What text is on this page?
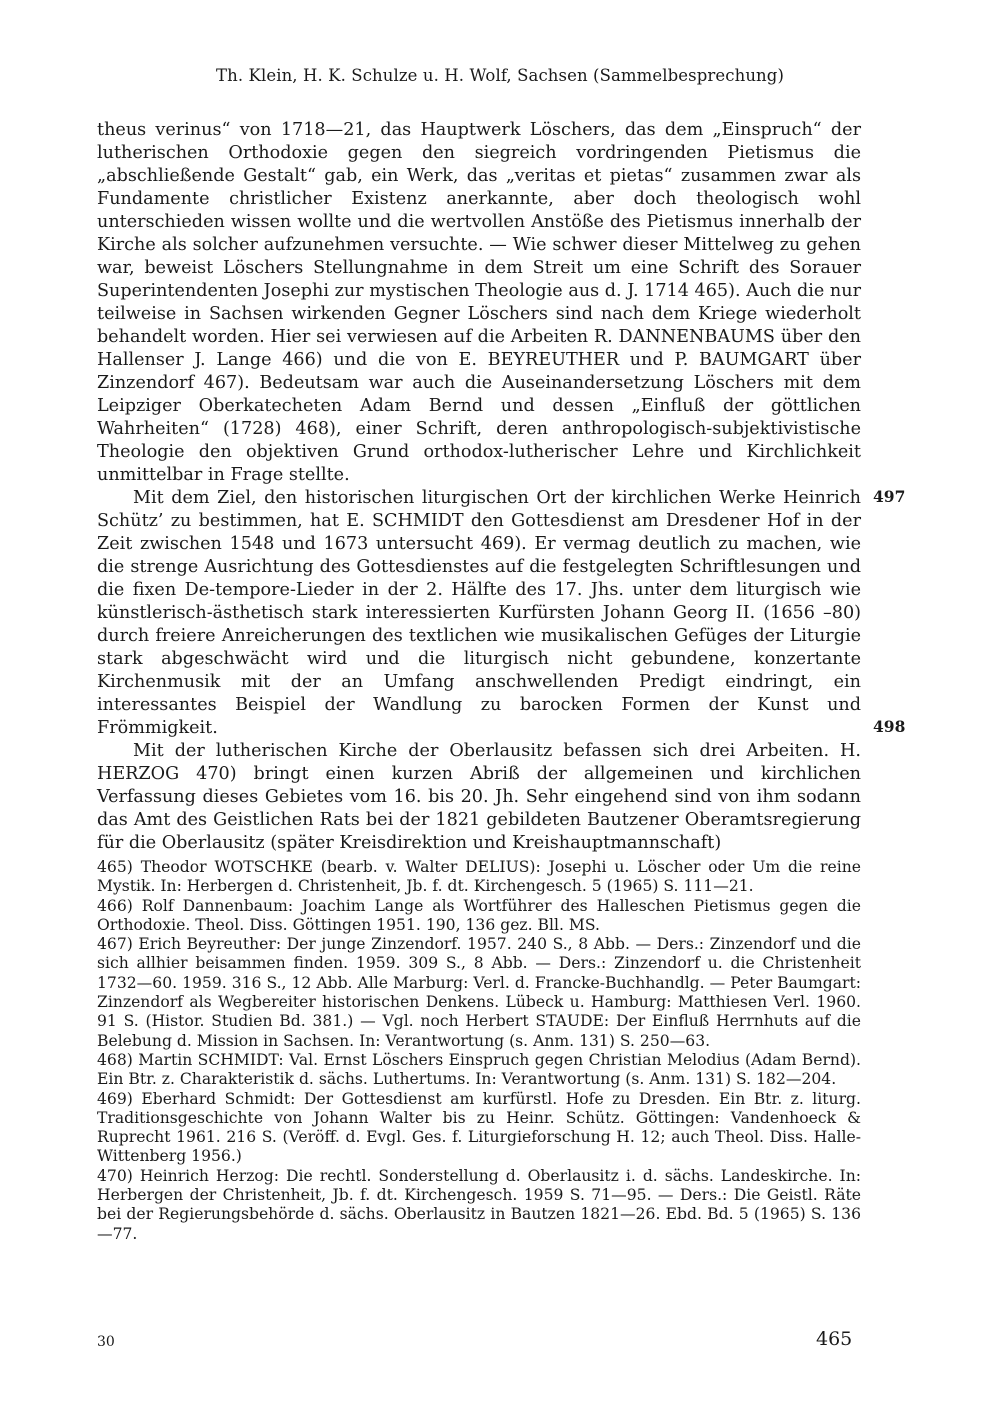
Th. Klein, H. K. Schulze u. H. Wolf, Sachsen (Sammelbesprechung)

theus verinus“ von 1718—21, das Hauptwerk Löschers, das dem „Einspruch“ der lutherischen Orthodoxie gegen den siegreich vordringenden Pietismus die „abschließende Gestalt“ gab, ein Werk, das „veritas et pietas“ zusammen zwar als Fundamente christlicher Existenz anerkannte, aber doch theologisch wohl unterschieden wissen wollte und die wertvollen Anstöße des Pietismus innerhalb der Kirche als solcher aufzunehmen versuchte. — Wie schwer dieser Mittelweg zu gehen war, beweist Löschers Stellungnahme in dem Streit um eine Schrift des Sorauer Superintendenten Josephi zur mystischen Theologie aus d. J. 1714 465). Auch die nur teilweise in Sachsen wirkenden Gegner Löschers sind nach dem Kriege wiederholt behandelt worden. Hier sei verwiesen auf die Arbeiten R. DANNENBAUMS über den Hallenser J. Lange 466) und die von E. BEYREUTHER und P. BAUMGART über Zinzendorf 467). Bedeutsam war auch die Auseinandersetzung Löschers mit dem Leipziger Oberkatecheten Adam Bernd und dessen „Einfluß der göttlichen Wahrheiten“ (1728) 468), einer Schrift, deren anthropologisch-subjektivistische Theologie den objektiven Grund orthodox-lutherischer Lehre und Kirchlichkeit unmittelbar in Frage stellte.

Mit dem Ziel, den historischen liturgischen Ort der kirchlichen Werke Heinrich Schütz’ zu bestimmen, hat E. SCHMIDT den Gottesdienst am Dresdener Hof in der Zeit zwischen 1548 und 1673 untersucht 469). Er vermag deutlich zu machen, wie die strenge Ausrichtung des Gottesdienstes auf die festgelegten Schriftlesungen und die fixen De-tempore-Lieder in der 2. Hälfte des 17. Jhs. unter dem liturgisch wie künstlerisch-ästhetisch stark interessierten Kurfürsten Johann Georg II. (1656 –80) durch freiere Anreicherungen des textlichen wie musikalischen Gefüges der Liturgie stark abgeschwächt wird und die liturgisch nicht gebundene, konzertante Kirchenmusik mit der an Umfang anschwellenden Predigt eindringt, ein interessantes Beispiel der Wandlung zu barocken Formen der Kunst und Frömmigkeit.

Mit der lutherischen Kirche der Oberlausitz befassen sich drei Arbeiten. H. HERZOG 470) bringt einen kurzen Abriß der allgemeinen und kirchlichen Verfassung dieses Gebietes vom 16. bis 20. Jh. Sehr eingehend sind von ihm sodann das Amt des Geistlichen Rats bei der 1821 gebildeten Bautzener Oberamtsregierung für die Oberlausitz (später Kreisdirektion und Kreishauptmannschaft)

497
498

465) Theodor WOTSCHKE (bearb. v. Walter DELIUS): Josephi u. Löscher oder Um die reine Mystik. In: Herbergen d. Christenheit, Jb. f. dt. Kirchengesch. 5 (1965) S. 111—21.

466) Rolf Dannenbaum: Joachim Lange als Wortführer des Halleschen Pietismus gegen die Orthodoxie. Theol. Diss. Göttingen 1951. 190, 136 gez. Bll. MS.

467) Erich Beyreuther: Der junge Zinzendorf. 1957. 240 S., 8 Abb. — Ders.: Zinzendorf und die sich allhier beisammen finden. 1959. 309 S., 8 Abb. — Ders.: Zinzendorf u. die Christenheit 1732—60. 1959. 316 S., 12 Abb. Alle Marburg: Verl. d. Francke-Buchhandlg. — Peter Baumgart: Zinzendorf als Wegbereiter historischen Denkens. Lübeck u. Hamburg: Matthiesen Verl. 1960. 91 S. (Histor. Studien Bd. 381.) — Vgl. noch Herbert STAUDE: Der Einfluß Herrnhuts auf die Belebung d. Mission in Sachsen. In: Verantwortung (s. Anm. 131) S. 250—63.

468) Martin SCHMIDT: Val. Ernst Löschers Einspruch gegen Christian Melodius (Adam Bernd). Ein Btr. z. Charakteristik d. sächs. Luthertums. In: Verantwortung (s. Anm. 131) S. 182—204.

469) Eberhard Schmidt: Der Gottesdienst am kurfürstl. Hofe zu Dresden. Ein Btr. z. liturg. Traditionsgeschichte von Johann Walter bis zu Heinr. Schütz. Göttingen: Vandenhoeck & Ruprecht 1961. 216 S. (Veröff. d. Evgl. Ges. f. Liturgieforschung H. 12; auch Theol. Diss. Halle-Wittenberg 1956.)

470) Heinrich Herzog: Die rechtl. Sonderstellung d. Oberlausitz i. d. sächs. Landeskirche. In: Herbergen der Christenheit, Jb. f. dt. Kirchengesch. 1959 S. 71—95. — Ders.: Die Geistl. Räte bei der Regierungsbehörde d. sächs. Oberlausitz in Bautzen 1821—26. Ebd. Bd. 5 (1965) S. 136—77.

30	465
